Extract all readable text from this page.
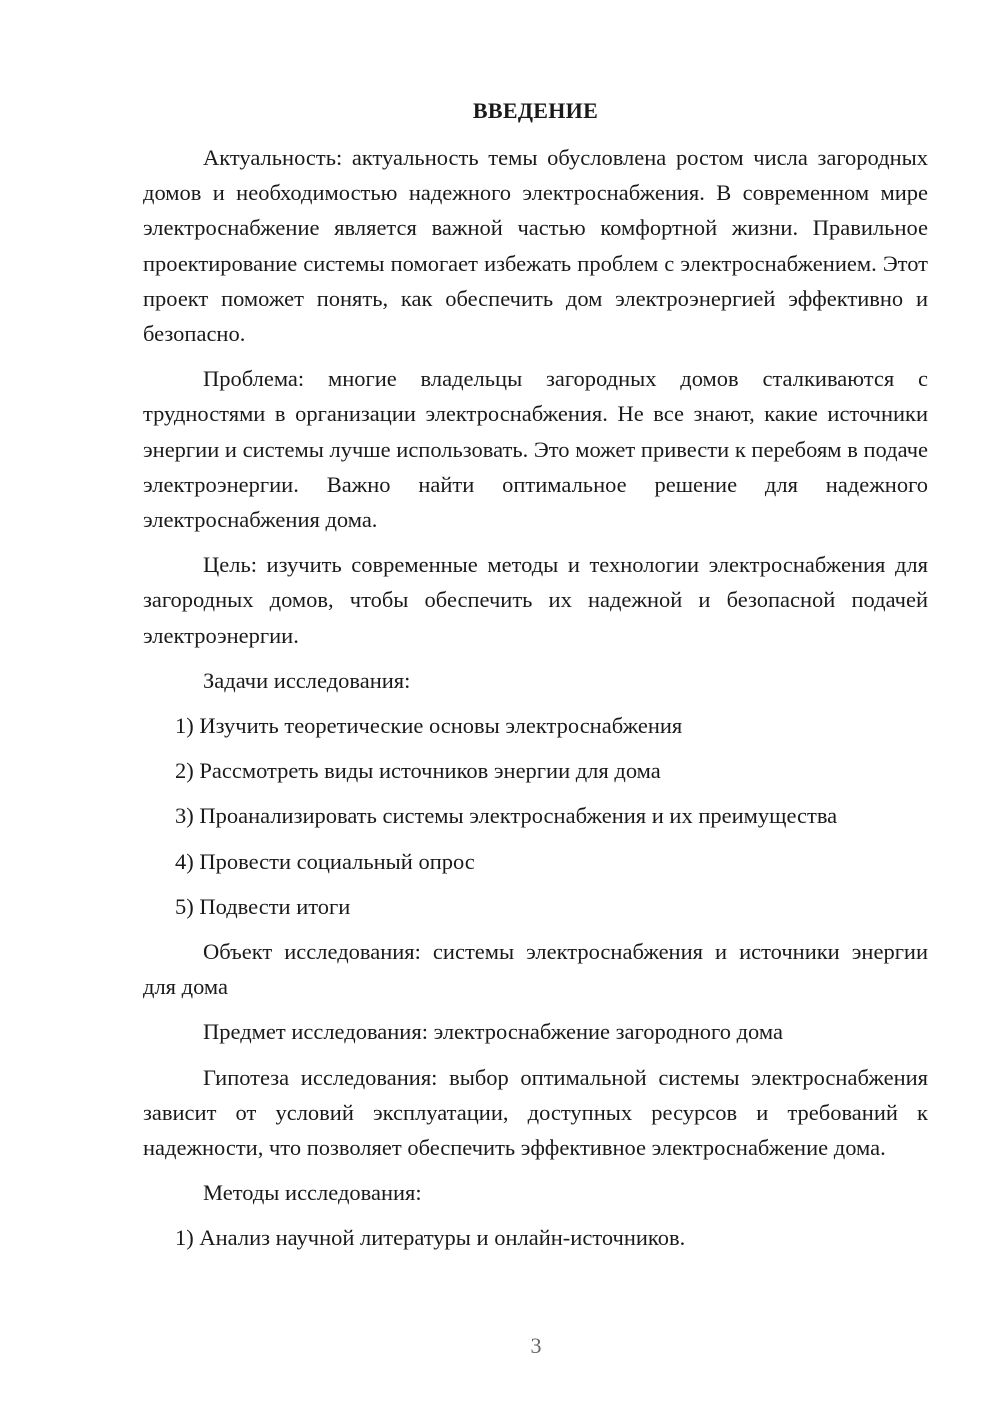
ВВЕДЕНИЕ

Актуальность: актуальность темы обусловлена ростом числа загородных домов и необходимостью надежного электроснабжения. В современном мире электроснабжение является важной частью комфортной жизни. Правильное проектирование системы помогает избежать проблем с электроснабжением. Этот проект поможет понять, как обеспечить дом электроэнергией эффективно и безопасно.

Проблема: многие владельцы загородных домов сталкиваются с трудностями в организации электроснабжения. Не все знают, какие источники энергии и системы лучше использовать. Это может привести к перебоям в подаче электроэнергии. Важно найти оптимальное решение для надежного электроснабжения дома.

Цель: изучить современные методы и технологии электроснабжения для загородных домов, чтобы обеспечить их надежной и безопасной подачей электроэнергии.

Задачи исследования:

1) Изучить теоретические основы электроснабжения

2) Рассмотреть виды источников энергии для дома

3) Проанализировать системы электроснабжения и их преимущества

4) Провести социальный опрос

5) Подвести итоги

Объект исследования: системы электроснабжения и источники энергии для дома

Предмет исследования: электроснабжение загородного дома

Гипотеза исследования: выбор оптимальной системы электроснабжения зависит от условий эксплуатации, доступных ресурсов и требований к надежности, что позволяет обеспечить эффективное электроснабжение дома.

Методы исследования:

1) Анализ научной литературы и онлайн-источников.

3
